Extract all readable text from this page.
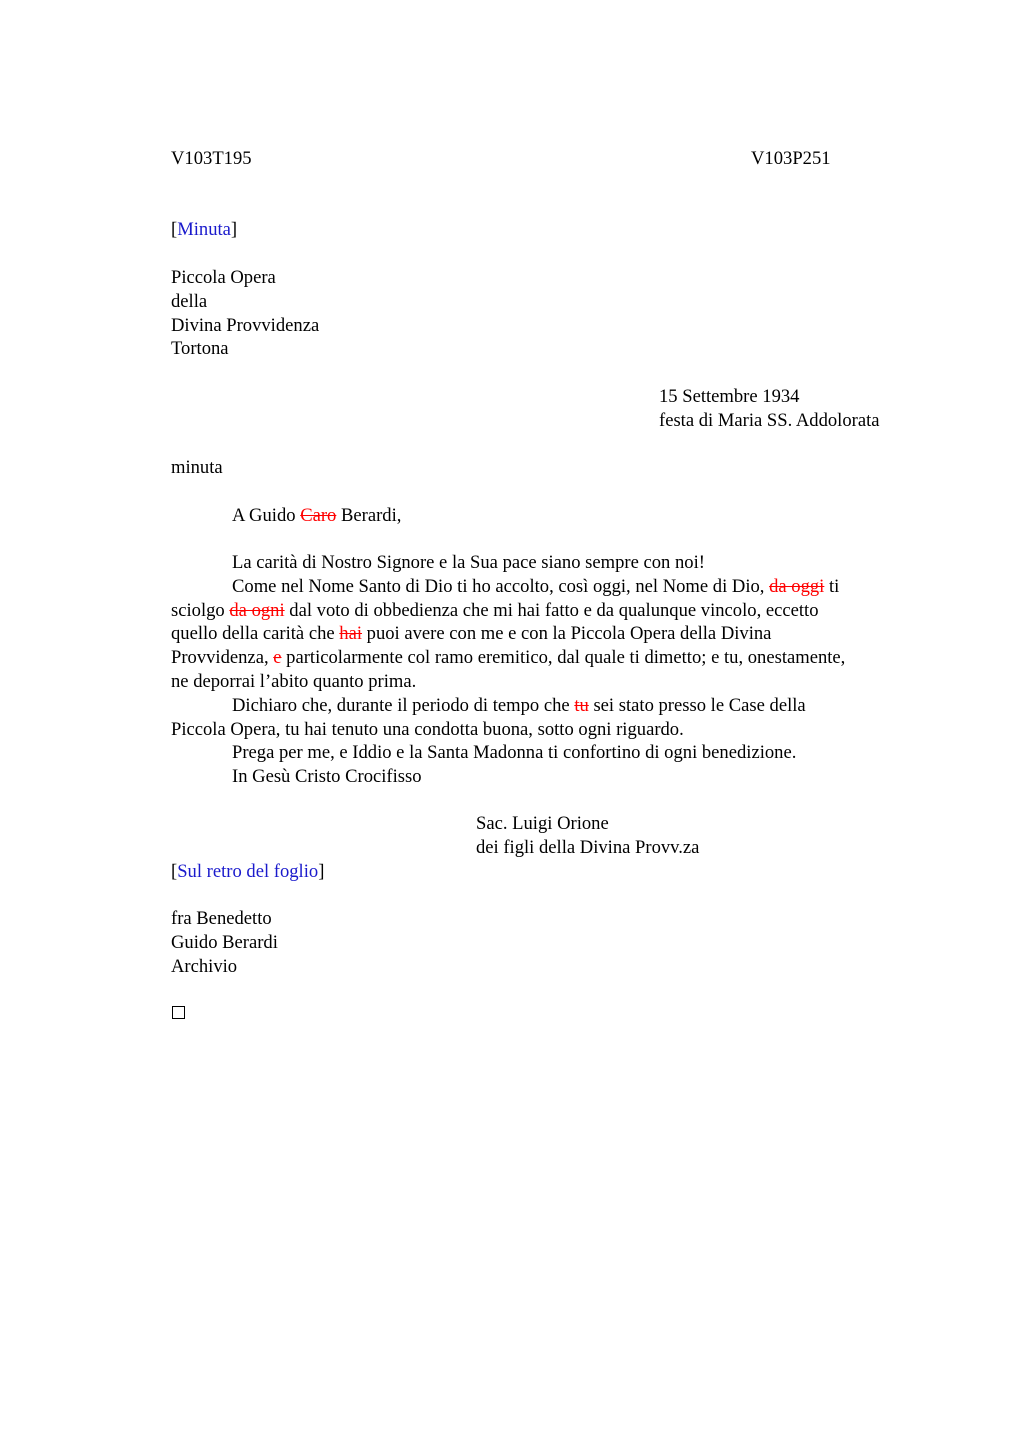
V103T195	V103P251
[Minuta]
Piccola Opera
della
Divina Provvidenza
Tortona
15 Settembre 1934
festa di Maria SS. Addolorata
minuta
A Guido Caro Berardi,
La carità di Nostro Signore e la Sua pace siano sempre con noi!
Come nel Nome Santo di Dio ti ho accolto, così oggi, nel Nome di Dio, da oggi ti
sciolgo da ogni dal voto di obbedienza che mi hai fatto e da qualunque vincolo, eccetto
quello della carità che hai puoi avere con me e con la Piccola Opera della Divina
Provvidenza, e particolarmente col ramo eremitico, dal quale ti dimetto; e tu, onestamente,
ne deporrai l’abito quanto prima.
Dichiaro che, durante il periodo di tempo che tu sei stato presso le Case della
Piccola Opera, tu hai tenuto una condotta buona, sotto ogni riguardo.
Prega per me, e Iddio e la Santa Madonna ti confortino di ogni benedizione.
In Gesù Cristo Crocifisso
Sac. Luigi Orione
dei figli della Divina Provv.za
[Sul retro del foglio]
fra Benedetto
Guido Berardi
Archivio
